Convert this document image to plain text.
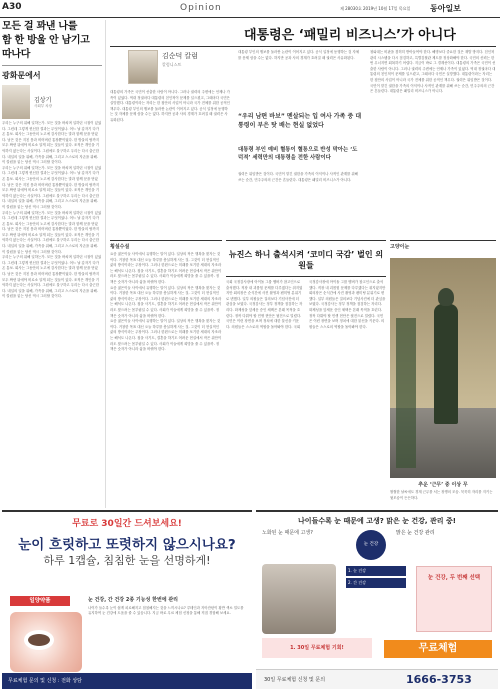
A30	Opinion	제 28030호 2019년 10월 17일 목요일 동아일보
모든 걸 꽈낸 나를
함 한 방울 안 남기고 따나다
광화문에서
김상기
사회부 차장
우리는 누구의 위해 일하는가. 모든 것을 바치며 일하던 시절이 있었다. 그런데 그렇게 헌신한 결과는 무엇이었나. 어느 날 갑자기 다가온 통보. 회사는 그동안의 노고에 감사한다는 말과 함께 문을 닫았다. 남은 것은 지친 몸과 비어버린 통장뿐이었다. 한 방울의 땀까지 모두 짜낸 뒤에야 비로소 알게 되는 것들이 있다. 조직은 개인을 기억하지 않는다는 사실이다. 그럼에도 불구하고 우리는 다시 출근한다. 내일의 일을 위해, 가족을 위해, 그리고 스스로의 자존을 위해. 이 칼럼을 읽는 당신 역시 그러할 것이다.
우리는 누구의 위해 일하는가. 모든 것을 바치며 일하던 시절이 있었다. 그런데 그렇게 헌신한 결과는 무엇이었나. 어느 날 갑자기 다가온 통보. 회사는 그동안의 노고에 감사한다는 말과 함께 문을 닫았다. 남은 것은 지친 몸과 비어버린 통장뿐이었다. 한 방울의 땀까지 모두 짜낸 뒤에야 비로소 알게 되는 것들이 있다. 조직은 개인을 기억하지 않는다는 사실이다. 그럼에도 불구하고 우리는 다시 출근한다. 내일의 일을 위해, 가족을 위해, 그리고 스스로의 자존을 위해. 이 칼럼을 읽는 당신 역시 그러할 것이다.
우리는 누구의 위해 일하는가. 모든 것을 바치며 일하던 시절이 있었다. 그런데 그렇게 헌신한 결과는 무엇이었나. 어느 날 갑자기 다가온 통보. 회사는 그동안의 노고에 감사한다는 말과 함께 문을 닫았다. 남은 것은 지친 몸과 비어버린 통장뿐이었다. 한 방울의 땀까지 모두 짜낸 뒤에야 비로소 알게 되는 것들이 있다. 조직은 개인을 기억하지 않는다는 사실이다. 그럼에도 불구하고 우리는 다시 출근한다. 내일의 일을 위해, 가족을 위해, 그리고 스스로의 자존을 위해. 이 칼럼을 읽는 당신 역시 그러할 것이다.
우리는 누구의 위해 일하는가. 모든 것을 바치며 일하던 시절이 있었다. 그런데 그렇게 헌신한 결과는 무엇이었나. 어느 날 갑자기 다가온 통보. 회사는 그동안의 노고에 감사한다는 말과 함께 문을 닫았다. 남은 것은 지친 몸과 비어버린 통장뿐이었다. 한 방울의 땀까지 모두 짜낸 뒤에야 비로소 알게 되는 것들이 있다. 조직은 개인을 기억하지 않는다는 사실이다. 그럼에도 불구하고 우리는 다시 출근한다. 내일의 일을 위해, 가족을 위해, 그리고 스스로의 자존을 위해. 이 칼럼을 읽는 당신 역시 그러할 것이다.
대통령은 ‘패밀리 비즈니스’가 아니다
김순덕 칼럼
칼럼니스트
대통령의 가족은 국민이 선출한 사람이 아니다. 그러나 권력의 주변에는 언제나 가족이 있었다. 역대 정권마다 대통령의 친인척이 문제를 일으켰고, 그때마다 국민은 실망했다. 대통령이라는 자리는 한 집안의 사업이 아니라 국가 전체를 위한 공적인 책무다. 대통령 부인의 행보를 둘러싼 논란이 이어지고 있다. 공식 일정에 동행하는 것 자체를 문제 삼을 수는 없다. 하지만 공과 사의 경계가 흐려질 때 권력은 사유화된다.
대통령 부인의 행보를 둘러싼 논란이 이어지고 있다. 공식 일정에 동행하는 것 자체를 문제 삼을 수는 없다. 하지만 공과 사의 경계가 흐려질 때 권력은 사유화된다.
“우리 남편 바보” 멘살되는 입 여사 가족 중 대통령이 부은 탓 배는 현실 없었다
대통령 부인 예비 혈통이 혈통으로 반성 막아는 ‘도덕적’ 세력만의 대통령을 전한 사람이다
권력은 위임받은 것이다. 국민이 맡긴 권한을 가족의 이익이나 사적인 관계를 위해 쓰는 순간, 민주주의의 근간은 흔들린다. 대통령은 패밀리 비즈니스가 아니다.
청와대는 비판을 겸허히 받아들여야 한다. 해명보다 중요한 것은 재발 방지다. 친인척 관리 시스템을 다시 점검하고, 특별감찰관 제도를 정상화해야 한다. 국민의 신뢰는 한번 무너지면 회복하기 어렵다. 지금이 바로 그 경계선이다. 대통령의 가족은 국민이 선출한 사람이 아니다. 그러나 권력의 주변에는 언제나 가족이 있었다. 역대 정권마다 대통령의 친인척이 문제를 일으켰고, 그때마다 국민은 실망했다. 대통령이라는 자리는 한 집안의 사업이 아니라 국가 전체를 위한 공적인 책무다. 권력은 위임받은 것이다. 국민이 맡긴 권한을 가족의 이익이나 사적인 관계를 위해 쓰는 순간, 민주주의의 근간은 흔들린다. 대통령은 패밀리 비즈니스가 아니다.
횡설수설
요즘 젊은이들 사이에서 유행하는 말이 있다. 일상의 작은 행복을 찾자는 것이다. 거창한 목표 대신 오늘 하루를 충실하게 사는 것. 그것이 더 현실적인 삶의 방식이라는 주장이다. 그러나 한편으로는 미래를 포기한 세대의 자조라는 해석도 나온다. 집을 사기도, 결혼을 하기도 어려운 현실에서 작은 위안이라도 찾으려는 몸부림일 수 있다. 사회가 이들에게 희망을 줄 수 있을까. 정책은 숫자가 아니라 삶을 바꿔야 한다.
요즘 젊은이들 사이에서 유행하는 말이 있다. 일상의 작은 행복을 찾자는 것이다. 거창한 목표 대신 오늘 하루를 충실하게 사는 것. 그것이 더 현실적인 삶의 방식이라는 주장이다. 그러나 한편으로는 미래를 포기한 세대의 자조라는 해석도 나온다. 집을 사기도, 결혼을 하기도 어려운 현실에서 작은 위안이라도 찾으려는 몸부림일 수 있다. 사회가 이들에게 희망을 줄 수 있을까. 정책은 숫자가 아니라 삶을 바꿔야 한다.
요즘 젊은이들 사이에서 유행하는 말이 있다. 일상의 작은 행복을 찾자는 것이다. 거창한 목표 대신 오늘 하루를 충실하게 사는 것. 그것이 더 현실적인 삶의 방식이라는 주장이다. 그러나 한편으로는 미래를 포기한 세대의 자조라는 해석도 나온다. 집을 사기도, 결혼을 하기도 어려운 현실에서 작은 위안이라도 찾으려는 몸부림일 수 있다. 사회가 이들에게 희망을 줄 수 있을까. 정책은 숫자가 아니라 삶을 바꿔야 한다.
뉴진스 하니 출석시켜 ‘코미디 국감’ 벌인 의원들
국회 국정감사장에 아이돌 그룹 멤버가 참고인으로 출석했다. 직장 내 괴롭힘 문제를 다루겠다는 취지였지만 회의장은 순식간에 사진 촬영과 팬미팅 분위기로 변했다. 일부 의원들은 질의보다 기념사진에 더 관심을 보였다. 국정감사는 정부 정책을 점검하는 자리다. 화제성을 앞세운 증인 채택은 본래 목적을 흐린다. 정작 다뤄야 할 민생 현안은 뒷전으로 밀렸다. 국민은 이런 장면을 보며 정치에 대한 불신을 키운다. 의원들은 스스로의 역할을 돌아봐야 한다. 국회 국정감사장에 아이돌 그룹 멤버가 참고인으로 출석했다. 직장 내 괴롭힘 문제를 다루겠다는 취지였지만 회의장은 순식간에 사진 촬영과 팬미팅 분위기로 변했다. 일부 의원들은 질의보다 기념사진에 더 관심을 보였다. 국정감사는 정부 정책을 점검하는 자리다. 화제성을 앞세운 증인 채택은 본래 목적을 흐린다. 정작 다뤄야 할 민생 현안은 뒷전으로 밀렸다. 국민은 이런 장면을 보며 정치에 대한 불신을 키운다. 의원들은 스스로의 역할을 돌아봐야 한다.
고양이눈
추운 ‘근무’ 중 이상 무
쌀쌀한 날씨에도 경계 근무를 서는 장병의 모습. 묵묵히 자리를 지키는 뒷모습이 든든하다.
무료로 30일간 드셔보세요!
눈이 흐릿하고 또렷하지 않으시나요?
하루 1캡슐, 침침한 눈을 선명하게!
일양약품	눈 건강, 간 건강 2종 기능성 한번에 관리
나이가 들수록 눈이 쉽게 피로해지고 침침해지는 것을 느끼시나요? 루테인과 지아잔틴이 황반 색소 밀도를 유지하여 눈 건강에 도움을 줄 수 있습니다. 지금 바로 무료 체험 신청을 통해 직접 경험해 보세요.
무료체험 문의 및 신청 : 전화 상담
나이들수록 눈 때문에 고생? 맑은 눈 건강, 관리 중!
노화된 눈 때문에 고생?
눈 건강
맑은 눈 건강 관리
1. 눈 건강
2. 간 건강
눈 건강, 두 번째 선택
1. 30일 무료체험 기회!	무료체험
30일 무료체험 신청 및 문의	1666-3753
